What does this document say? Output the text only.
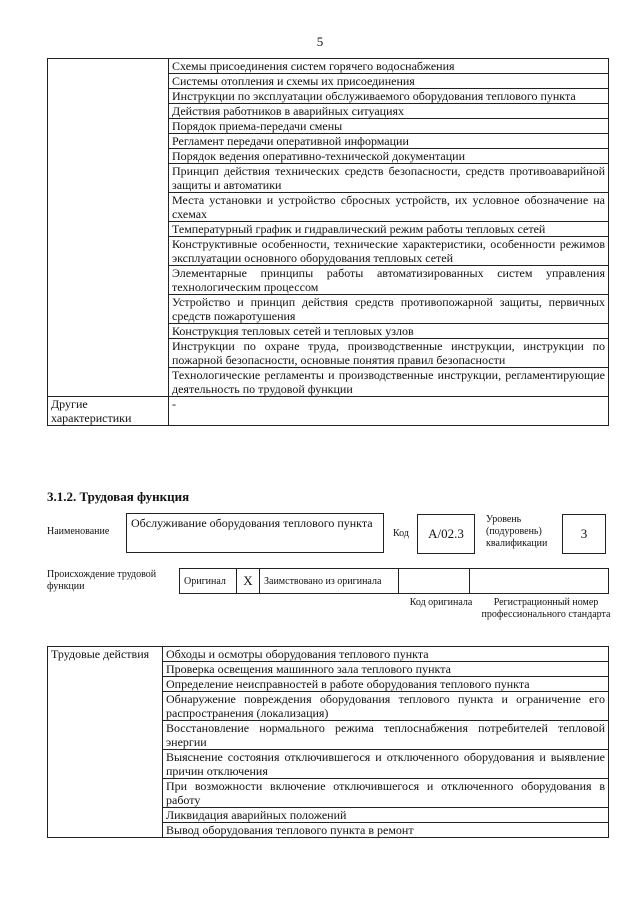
5
	Схемы присоединения систем горячего водоснабжения
	Системы отопления и схемы их присоединения
	Инструкции по эксплуатации обслуживаемого оборудования теплового пункта
	Действия работников в аварийных ситуациях
	Порядок приема-передачи смены
	Регламент передачи оперативной информации
	Порядок ведения оперативно-технической документации
	Принцип действия технических средств безопасности, средств противоаварийной защиты и автоматики
	Места установки и устройство сбросных устройств, их условное обозначение на схемах
	Температурный график и гидравлический режим работы тепловых сетей
	Конструктивные особенности, технические характеристики, особенности режимов эксплуатации основного оборудования тепловых сетей
	Элементарные принципы работы автоматизированных систем управления технологическим процессом
	Устройство и принцип действия средств противопожарной защиты, первичных средств пожаротушения
	Конструкция тепловых сетей и тепловых узлов
	Инструкции по охране труда, производственные инструкции, инструкции по пожарной безопасности, основные понятия правил безопасности
	Технологические регламенты и производственные инструкции, регламентирующие деятельность по трудовой функции
Другие характеристики	-
3.1.2. Трудовая функция
Наименование
Обслуживание оборудования теплового пункта
Код	А/02.3
Уровень (подуровень) квалификации
3
Происхождение трудовой функции	Оригинал	X	Заимствовано из оригинала		
Код оригинала	Регистрационный номер профессионального стандарта
Трудовые действия	Обходы и осмотры оборудования теплового пункта
Проверка освещения машинного зала теплового пункта
Определение неисправностей в работе оборудования теплового пункта
Обнаружение повреждения оборудования теплового пункта и ограничение его распространения (локализация)
Восстановление нормального режима теплоснабжения потребителей тепловой энергии
Выяснение состояния отключившегося и отключенного оборудования и выявление причин отключения
При возможности включение отключившегося и отключенного оборудования в работу
Ликвидация аварийных положений
Вывод оборудования теплового пункта в ремонт
